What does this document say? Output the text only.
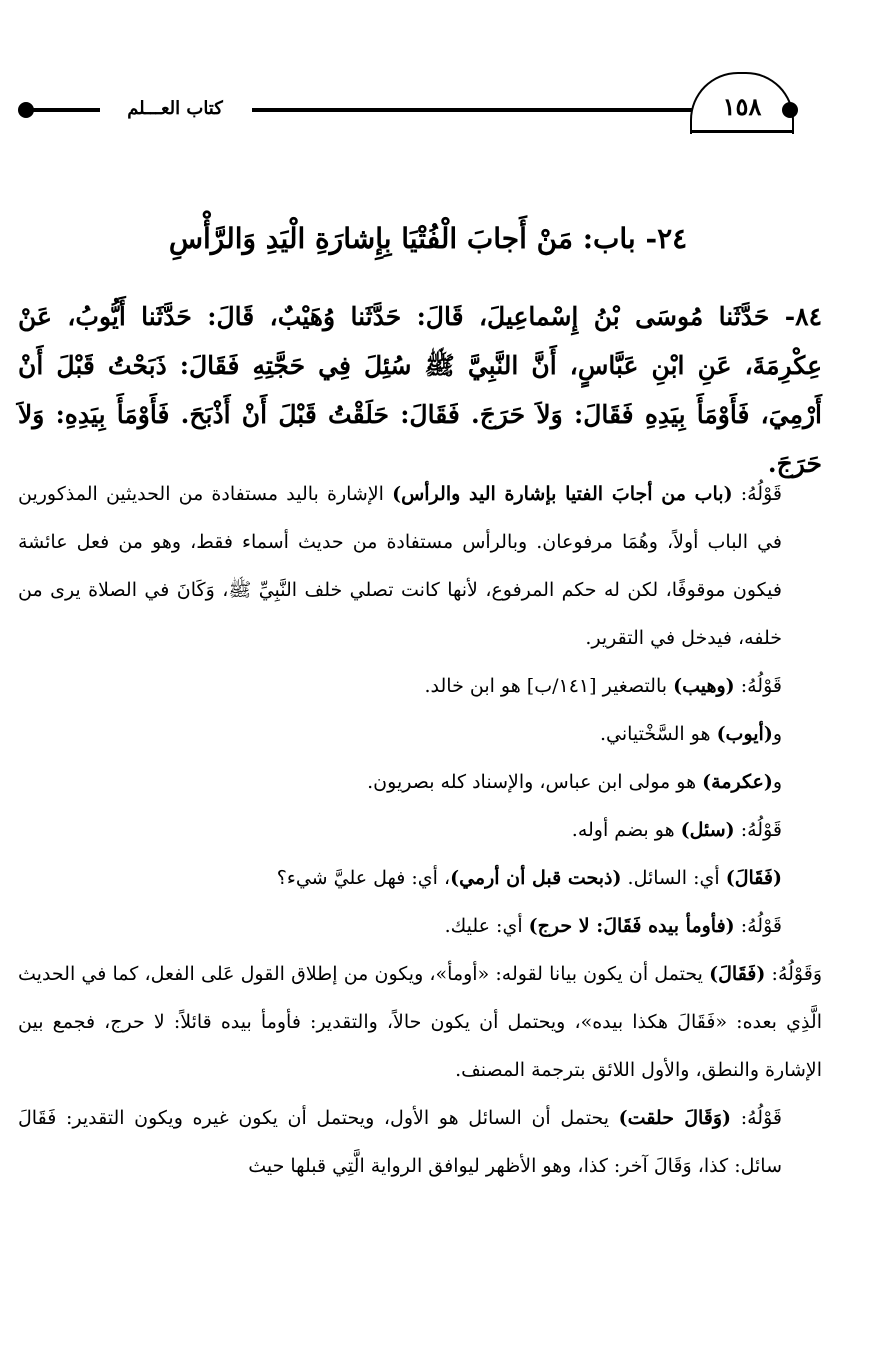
كتاب العـــلم	١٥٨
٢٤- باب: مَنْ أَجابَ الْفُتْيَا بِإِشارَةِ الْيَدِ وَالرَّأْسِ
٨٤- حَدَّثَنا مُوسَى بْنُ إِسْماعِيلَ، قَالَ: حَدَّثَنا وُهَيْبٌ، قَالَ: حَدَّثَنا أَيُّوبُ، عَنْ عِكْرِمَةَ، عَنِ ابْنِ عَبَّاسٍ، أَنَّ النَّبِيَّ ﷺ سُئِلَ فِي حَجَّتِهِ فَقَالَ: ذَبَحْتُ قَبْلَ أَنْ أَرْمِيَ، فَأَوْمَأَ بِيَدِهِ فَقَالَ: وَلاَ حَرَجَ. فَقَالَ: حَلَقْتُ قَبْلَ أَنْ أَذْبَحَ. فَأَوْمَأَ بِيَدِهِ: وَلاَ حَرَجَ.

قَوْلُهُ: (باب من أجابَ الفتيا بإشارة اليد والرأس) الإشارة باليد مستفادة من الحديثين المذكورين في الباب أولاً، وهُمَا مرفوعان. وبالرأس مستفادة من حديث أسماء فقط، وهو من فعل عائشة فيكون موقوفًا، لكن له حكم المرفوع، لأنها كانت تصلي خلف النَّبِيِّ ﷺ، وَكَانَ في الصلاة يرى من خلفه، فيدخل في التقرير.

قَوْلُهُ: (وهيب) بالتصغير [١٤١/ب] هو ابن خالد.

و(أيوب) هو السَّخْتياني.

و(عكرمة) هو مولى ابن عباس، والإسناد كله بصريون.

قَوْلُهُ: (سئل) هو بضم أوله.

(فَقَالَ) أي: السائل. (ذبحت قبل أن أرمي)، أي: فهل عليَّ شيء؟

قَوْلُهُ: (فأومأ بيده فَقَالَ: لا حرج) أي: عليك.

وَقَوْلُهُ: (فَقَالَ) يحتمل أن يكون بيانا لقوله: «أومأ»، ويكون من إطلاق القول عَلى الفعل، كما في الحديث الَّذِي بعده: «فَقَالَ هكذا بيده»، ويحتمل أن يكون حالاً، والتقدير: فأومأ بيده قائلاً: لا حرج، فجمع بين الإشارة والنطق، والأول اللائق بترجمة المصنف.

قَوْلُهُ: (وَقَالَ حلقت) يحتمل أن السائل هو الأول، ويحتمل أن يكون غيره ويكون التقدير: فَقَالَ سائل: كذا، وَقَالَ آخر: كذا، وهو الأظهر ليوافق الرواية الَّتِي قبلها حيث
